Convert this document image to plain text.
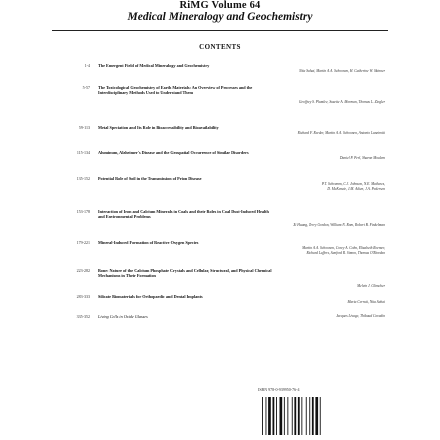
RiMG Volume 64
Medical Mineralogy and Geochemistry
CONTENTS
1-4 The Emergent Field of Medical Mineralogy and Geochemistry
Nita Sahai, Martin A.A. Schoonen, H. Catherine W. Skinner
5-57 The Toxicological Geochemistry of Earth Materials: An Overview of Processes and the Interdisciplinary Methods Used to Understand Them
Geoffrey S. Plumlee, Suzette A. Morman, Thomas L. Ziegler
59-113 Metal Speciation and Its Role in Bioaccessibility and Bioavailability
Richard F. Reeder, Martin A.A. Schoonen, Antonio Lanzirotti
115-134 Aluminum, Alzheimer's Disease and the Geospatial Occurrence of Similar Disorders
Daniel P. Perl, Sharon Moalem
135-152 Potential Role of Soil in the Transmission of Prion Disease
P.T. Schramm, C.J. Johnson, N.E. Mathews,
D. McKenzie, J.M. Aiken, J.A. Pedersen
153-178 Interaction of Iron and Calcium Minerals in Coals and their Roles in Coal Dust-Induced Health and Environmental Problems
Xi Huang, Terry Gordon, William N. Rom, Robert B. Finkelman
179-221 Mineral-Induced Formation of Reactive Oxygen Species
Martin A.A. Schoonen, Corey A. Cohn, Elizabeth Roemer,
Richard Laffers, Sanford R. Simon, Thomas O'Riordan
223-282 Bone: Nature of the Calcium Phosphate Crystals and Cellular, Structural, and Physical Chemical Mechanisms in Their Formation
Melvin J. Glimcher
283-333 Silicate Biomaterials for Orthopaedic and Dental Implants
Maria Cerruti, Nita Sahai
335-352 Living Cells in Oxide Glasses	Jacques Livage, Thibaud Coradin
ISBN 978-0-939950-76-4
